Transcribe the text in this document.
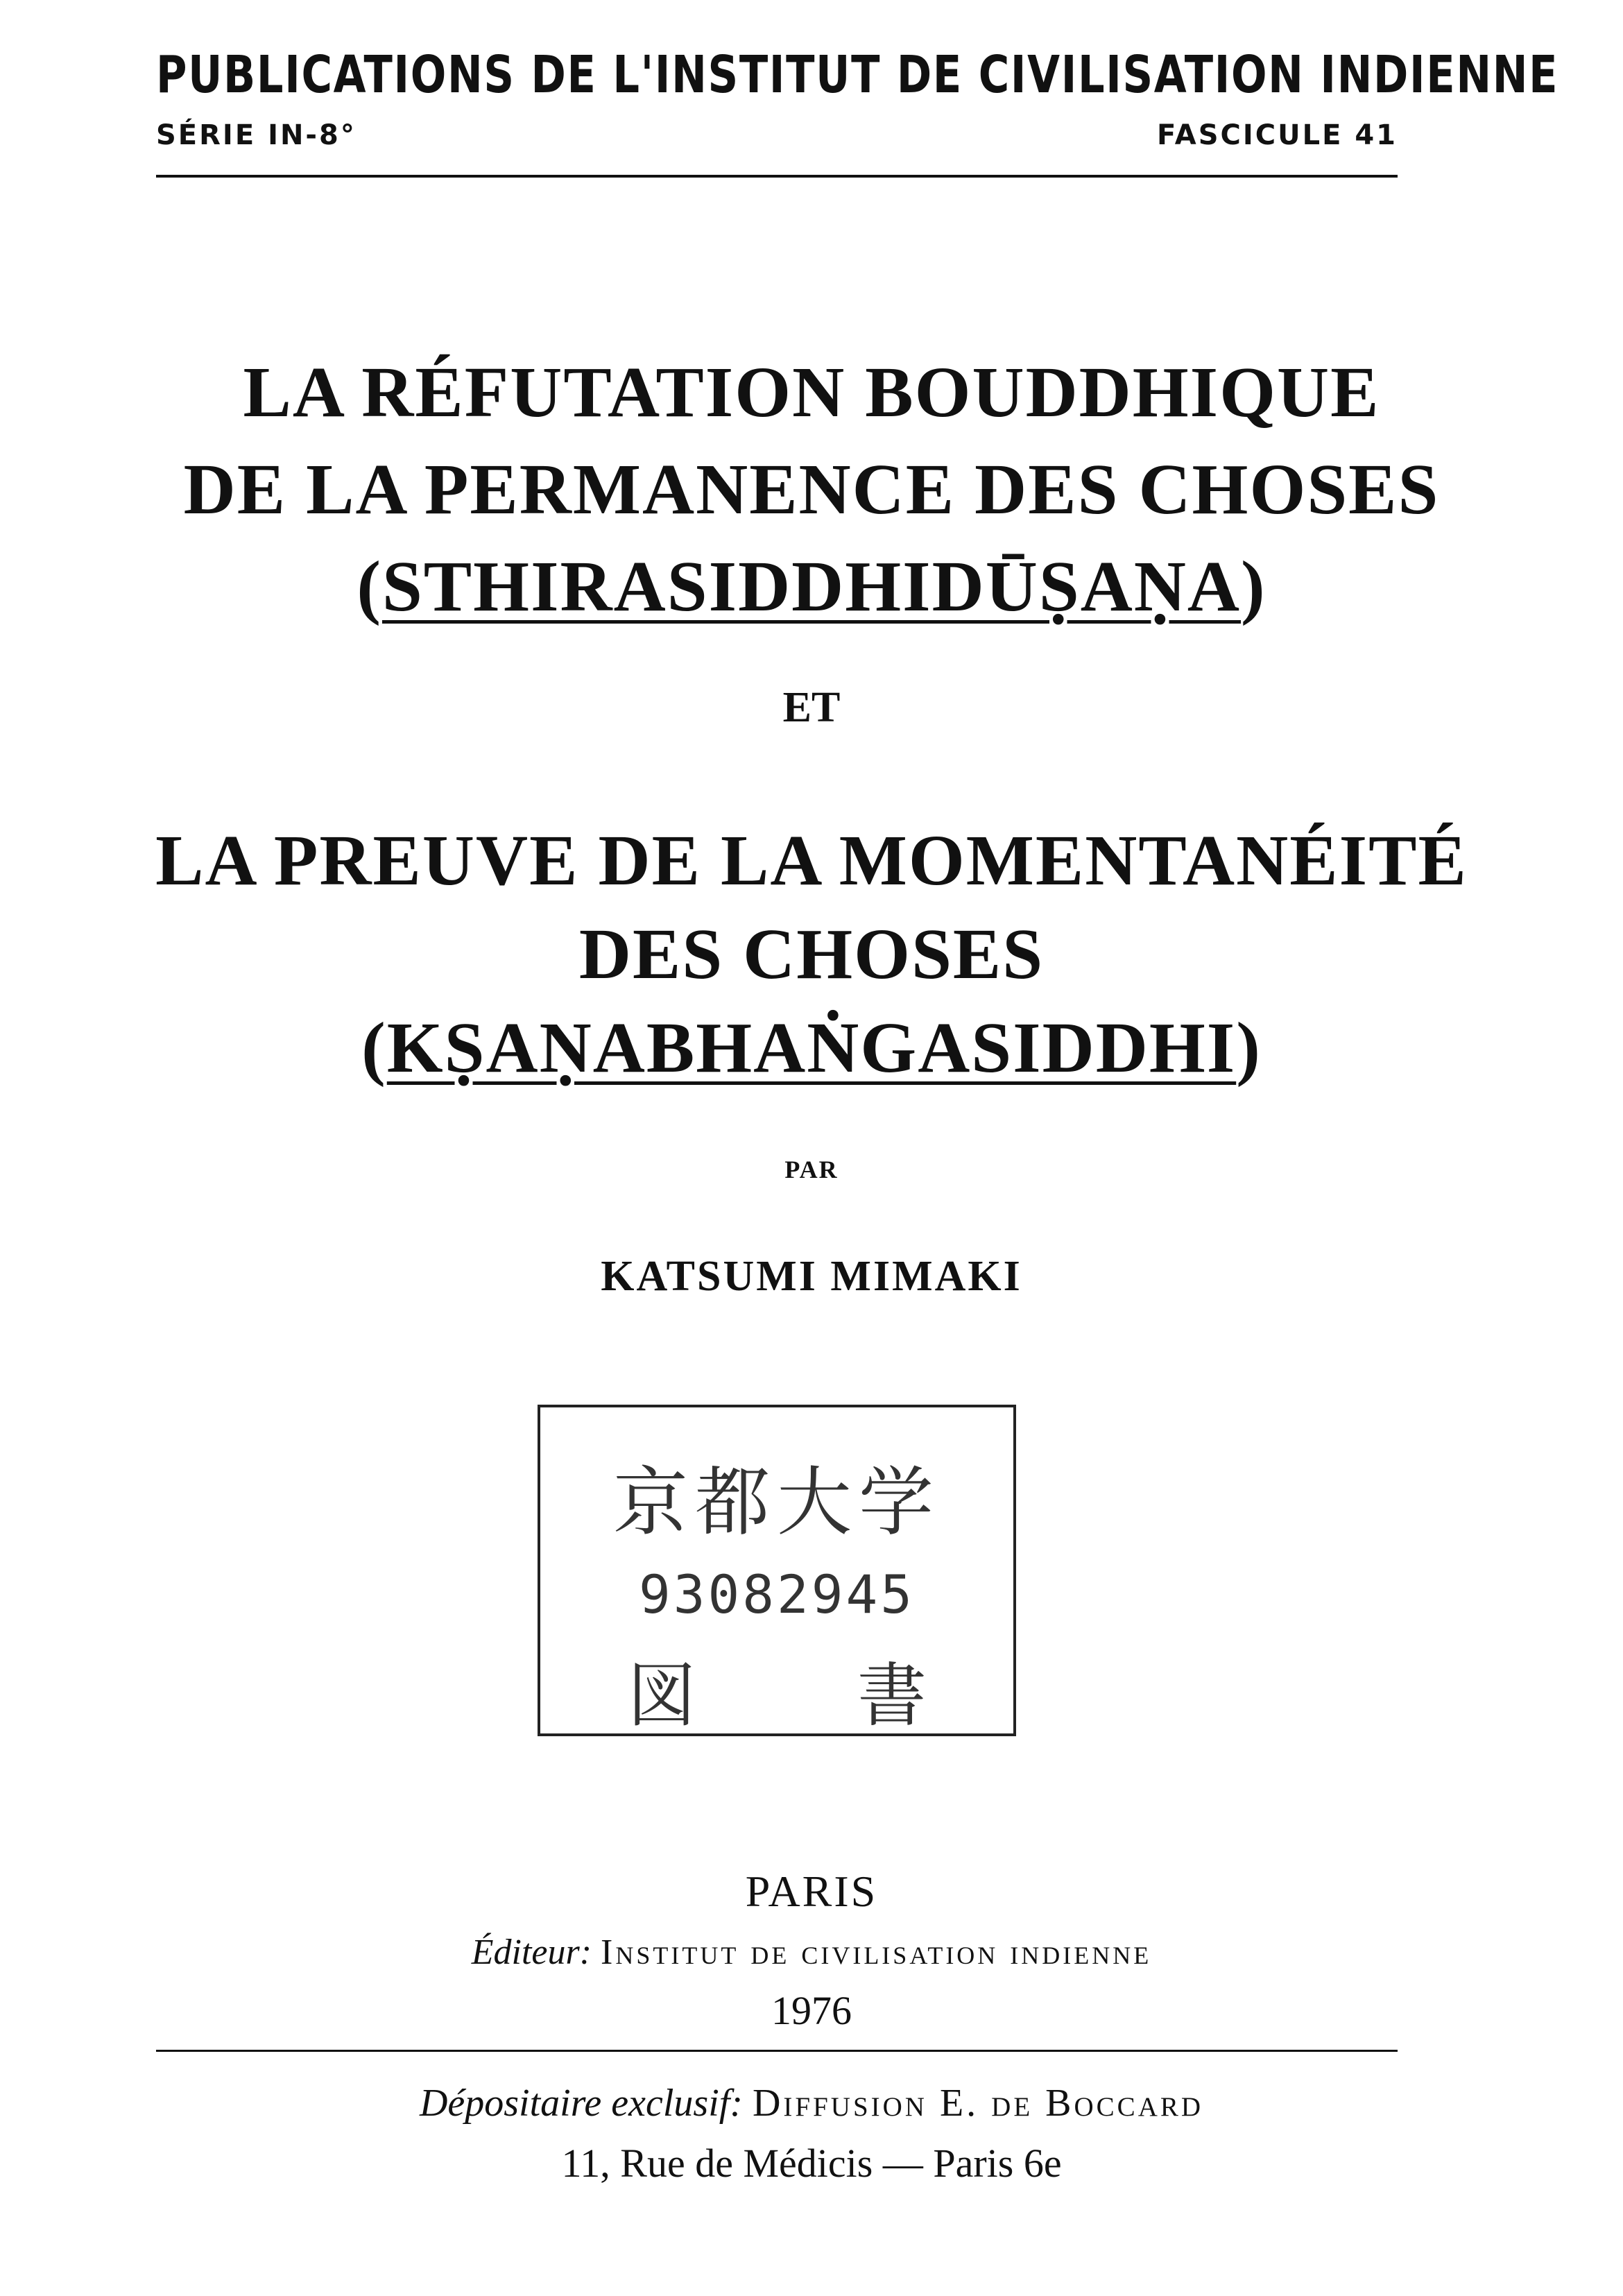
PUBLICATIONS DE L'INSTITUT DE CIVILISATION INDIENNE
SÉRIE IN-8°	FASCICULE 41
LA RÉFUTATION BOUDDHIQUE
DE LA PERMANENCE DES CHOSES
(STHIRASIDDHIDŪṢAṆA)
ET
LA PREUVE DE LA MOMENTANÉITÉ
DES CHOSES
(KṢAṆABHAṄGASIDDHI)
PAR
KATSUMI MIMAKI
京都大学
93082945
図 書
PARIS
Éditeur: Institut de civilisation indienne
1976
Dépositaire exclusif: Diffusion E. de Boccard
11, Rue de Médicis — Paris 6e
